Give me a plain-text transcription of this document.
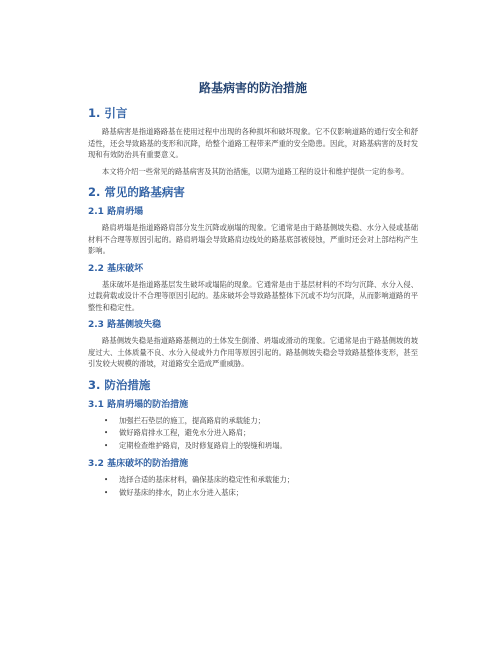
路基病害的防治措施
1. 引言

路基病害是指道路路基在使用过程中出现的各种损坏和破坏现象。它不仅影响道路的通行安全和舒适性，还会导致路基的变形和沉降，给整个道路工程带来严重的安全隐患。因此，对路基病害的及时发现和有效防治具有重要意义。

本文将介绍一些常见的路基病害及其防治措施，以期为道路工程的设计和维护提供一定的参考。

2. 常见的路基病害
2.1 路肩坍塌

路肩坍塌是指道路路肩部分发生沉降或崩塌的现象。它通常是由于路基侧坡失稳、水分入侵或基础材料不合理等原因引起的。路肩坍塌会导致路肩边线处的路基底部被侵蚀，严重时还会对上部结构产生影响。

2.2 基床破坏

基床破坏是指道路基层发生破坏或塌陷的现象。它通常是由于基层材料的不均匀沉降、水分入侵、过载荷载或设计不合理等原因引起的。基床破坏会导致路基整体下沉或不均匀沉降，从而影响道路的平整性和稳定性。

2.3 路基侧坡失稳

路基侧坡失稳是指道路路基侧边的土体发生倒滑、坍塌或滑动的现象。它通常是由于路基侧坡的坡度过大、土体质量不良、水分入侵或外力作用等原因引起的。路基侧坡失稳会导致路基整体变形，甚至引发较大规模的滑坡，对道路安全造成严重威胁。

3. 防治措施
3.1 路肩坍塌的防治措施
• 加强拦石垫层的施工，提高路肩的承载能力；
• 做好路肩排水工程，避免水分进入路肩；
• 定期检查维护路肩，及时修复路肩上的裂缝和坍塌。
3.2 基床破坏的防治措施
• 选择合适的基床材料，确保基床的稳定性和承载能力；
• 做好基床的排水，防止水分进入基床；
